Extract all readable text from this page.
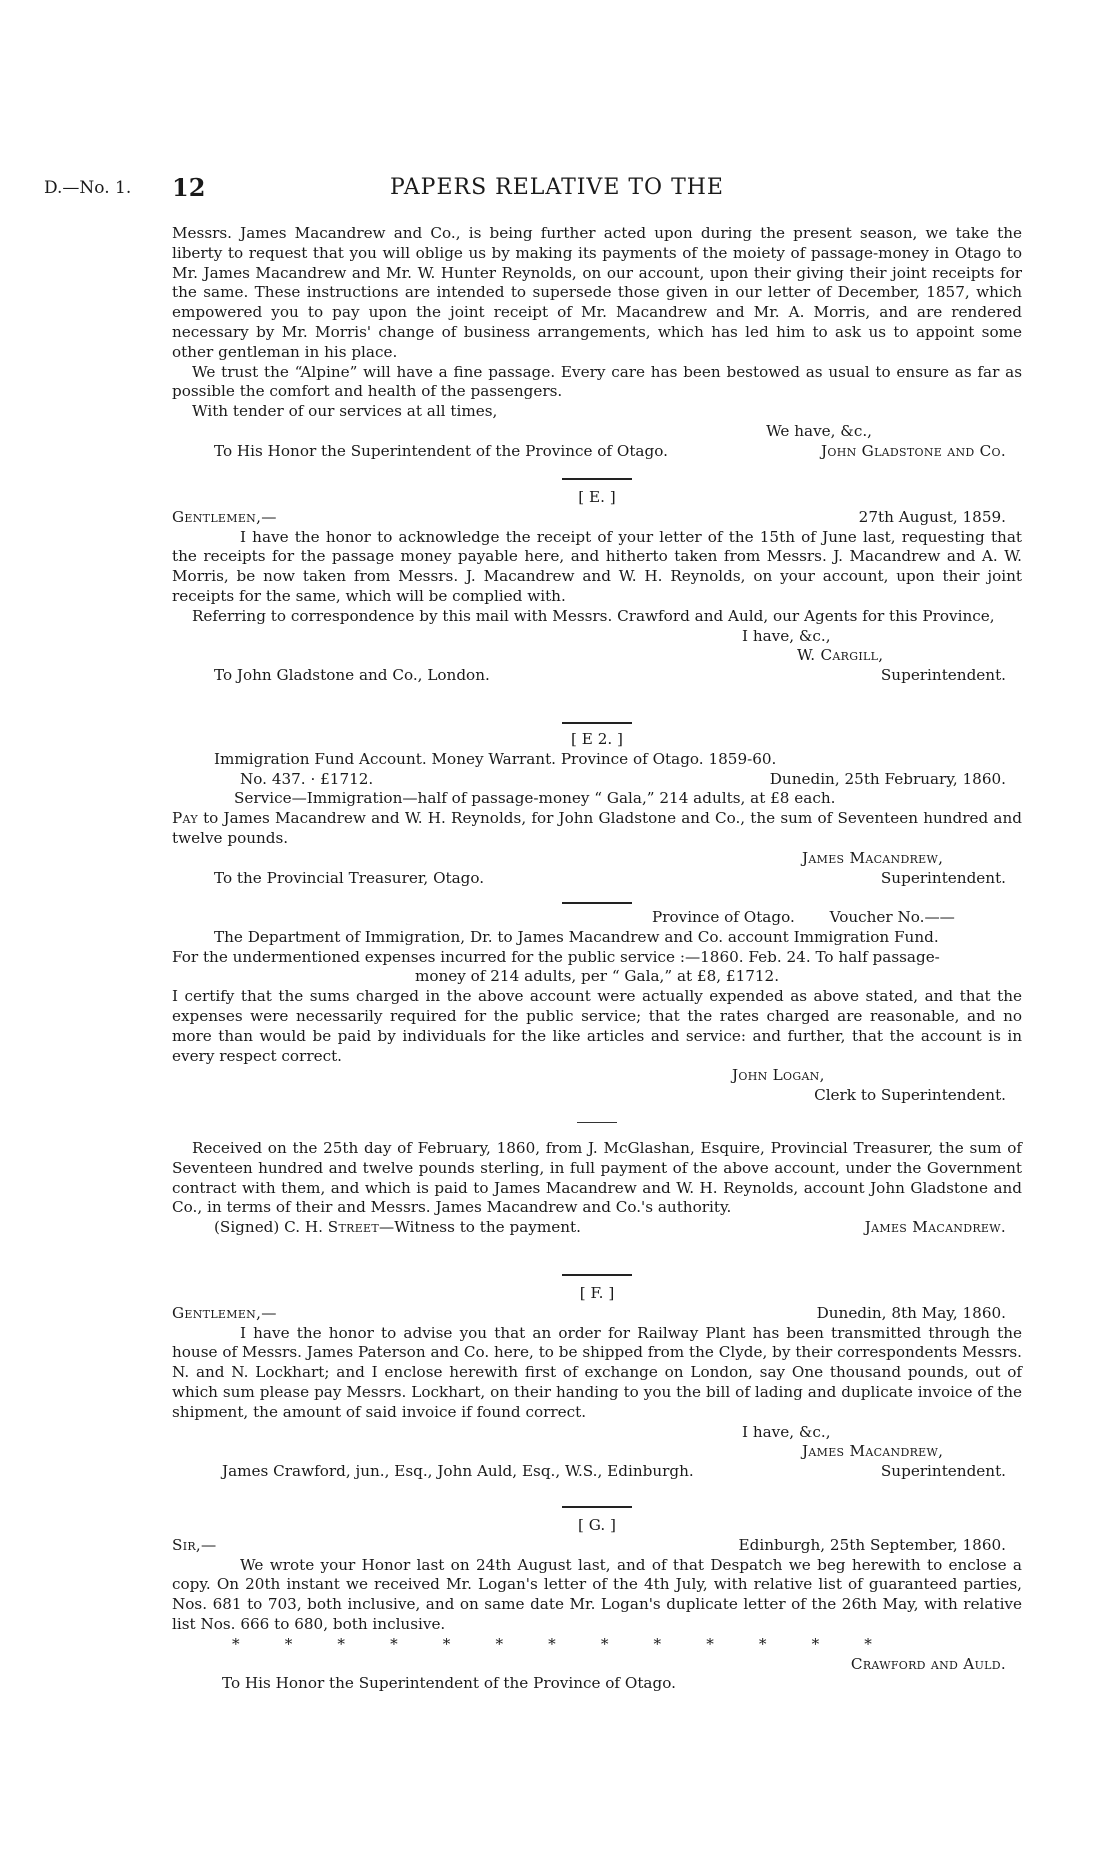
D.—No. 1. 12	PAPERS RELATIVE TO THE

Messrs. James Macandrew and Co., is being further acted upon during the present season, we take the liberty to request that you will oblige us by making its payments of the moiety of passage-money in Otago to Mr. James Macandrew and Mr. W. Hunter Reynolds, on our account, upon their giving their joint receipts for the same. These instructions are intended to supersede those given in our letter of December, 1857, which empowered you to pay upon the joint receipt of Mr. Macandrew and Mr. A. Morris, and are rendered necessary by Mr. Morris' change of business arrangements, which has led him to ask us to appoint some other gentleman in his place.

We trust the “Alpine” will have a fine passage. Every care has been bestowed as usual to ensure as far as possible the comfort and health of the passengers.

With tender of our services at all times,

We have, &c.,
To His Honor the Superintendent of the Province of Otago.	John Gladstone and Co.
[ E. ]
Gentlemen,—	27th August, 1859.

I have the honor to acknowledge the receipt of your letter of the 15th of June last, requesting that the receipts for the passage money payable here, and hitherto taken from Messrs. J. Macandrew and A. W. Morris, be now taken from Messrs. J. Macandrew and W. H. Reynolds, on your account, upon their joint receipts for the same, which will be complied with.

Referring to correspondence by this mail with Messrs. Crawford and Auld, our Agents for this Province,

I have, &c.,
W. Cargill,
To John Gladstone and Co., London.	Superintendent.
[ E 2. ]
Immigration Fund Account. Money Warrant. Province of Otago. 1859-60.
No. 437. · £1712.	Dunedin, 25th February, 1860.
Service—Immigration—half of passage-money “ Gala,” 214 adults, at £8 each.

Pay to James Macandrew and W. H. Reynolds, for John Gladstone and Co., the sum of Seventeen hundred and twelve pounds.

James Macandrew,
To the Provincial Treasurer, Otago.	Superintendent.
Province of Otago. Voucher No.——
The Department of Immigration, Dr. to James Macandrew and Co. account Immigration Fund.
For the undermentioned expenses incurred for the public service :—1860. Feb. 24. To half passage-
money of 214 adults, per “ Gala,” at £8, £1712.

I certify that the sums charged in the above account were actually expended as above stated, and that the expenses were necessarily required for the public service; that the rates charged are reasonable, and no more than would be paid by individuals for the like articles and service: and further, that the account is in every respect correct.

John Logan,
Clerk to Superintendent.

Received on the 25th day of February, 1860, from J. McGlashan, Esquire, Provincial Treasurer, the sum of Seventeen hundred and twelve pounds sterling, in full payment of the above account, under the Government contract with them, and which is paid to James Macandrew and W. H. Reynolds, account John Gladstone and Co., in terms of their and Messrs. James Macandrew and Co.'s authority.

(Signed) C. H. Street—Witness to the payment.	James Macandrew.
[ F. ]
Gentlemen,—	Dunedin, 8th May, 1860.

I have the honor to advise you that an order for Railway Plant has been transmitted through the house of Messrs. James Paterson and Co. here, to be shipped from the Clyde, by their correspondents Messrs. N. and N. Lockhart; and I enclose herewith first of exchange on London, say One thousand pounds, out of which sum please pay Messrs. Lockhart, on their handing to you the bill of lading and duplicate invoice of the shipment, the amount of said invoice if found correct.

I have, &c.,
James Macandrew,
James Crawford, jun., Esq., John Auld, Esq., W.S., Edinburgh.	Superintendent.
[ G. ]
Sir,—	Edinburgh, 25th September, 1860.

We wrote your Honor last on 24th August last, and of that Despatch we beg herewith to enclose a copy. On 20th instant we received Mr. Logan's letter of the 4th July, with relative list of guaranteed parties, Nos. 681 to 703, both inclusive, and on same date Mr. Logan's duplicate letter of the 26th May, with relative list Nos. 666 to 680, both inclusive.

*	*	*	*	*	*	*	*	*	*	*	*	*
Crawford and Auld.
To His Honor the Superintendent of the Province of Otago.
